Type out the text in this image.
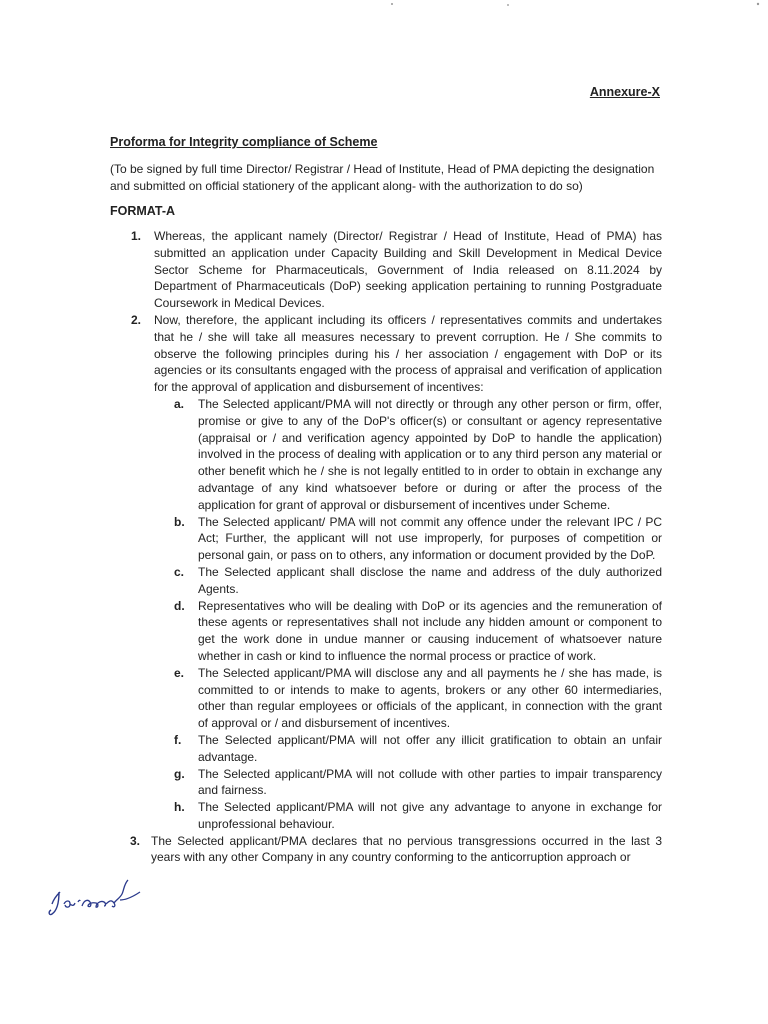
Annexure-X
Proforma for Integrity compliance of Scheme
(To be signed by full time Director/ Registrar / Head of Institute, Head of PMA depicting the designation and submitted on official stationery of the applicant along- with the authorization to do so)
FORMAT-A
1. Whereas, the applicant namely (Director/ Registrar / Head of Institute, Head of PMA) has submitted an application under Capacity Building and Skill Development in Medical Device Sector Scheme for Pharmaceuticals, Government of India released on 8.11.2024 by Department of Pharmaceuticals (DoP) seeking application pertaining to running Postgraduate Coursework in Medical Devices.
2. Now, therefore, the applicant including its officers / representatives commits and undertakes that he / she will take all measures necessary to prevent corruption. He / She commits to observe the following principles during his / her association / engagement with DoP or its agencies or its consultants engaged with the process of appraisal and verification of application for the approval of application and disbursement of incentives:
a. The Selected applicant/PMA will not directly or through any other person or firm, offer, promise or give to any of the DoP's officer(s) or consultant or agency representative (appraisal or / and verification agency appointed by DoP to handle the application) involved in the process of dealing with application or to any third person any material or other benefit which he / she is not legally entitled to in order to obtain in exchange any advantage of any kind whatsoever before or during or after the process of the application for grant of approval or disbursement of incentives under Scheme.
b. The Selected applicant/ PMA will not commit any offence under the relevant IPC / PC Act; Further, the applicant will not use improperly, for purposes of competition or personal gain, or pass on to others, any information or document provided by the DoP.
c. The Selected applicant shall disclose the name and address of the duly authorized Agents.
d. Representatives who will be dealing with DoP or its agencies and the remuneration of these agents or representatives shall not include any hidden amount or component to get the work done in undue manner or causing inducement of whatsoever nature whether in cash or kind to influence the normal process or practice of work.
e. The Selected applicant/PMA will disclose any and all payments he / she has made, is committed to or intends to make to agents, brokers or any other 60 intermediaries, other than regular employees or officials of the applicant, in connection with the grant of approval or / and disbursement of incentives.
f. The Selected applicant/PMA will not offer any illicit gratification to obtain an unfair advantage.
g. The Selected applicant/PMA will not collude with other parties to impair transparency and fairness.
h. The Selected applicant/PMA will not give any advantage to anyone in exchange for unprofessional behaviour.
3. The Selected applicant/PMA declares that no pervious transgressions occurred in the last 3 years with any other Company in any country conforming to the anticorruption approach or
